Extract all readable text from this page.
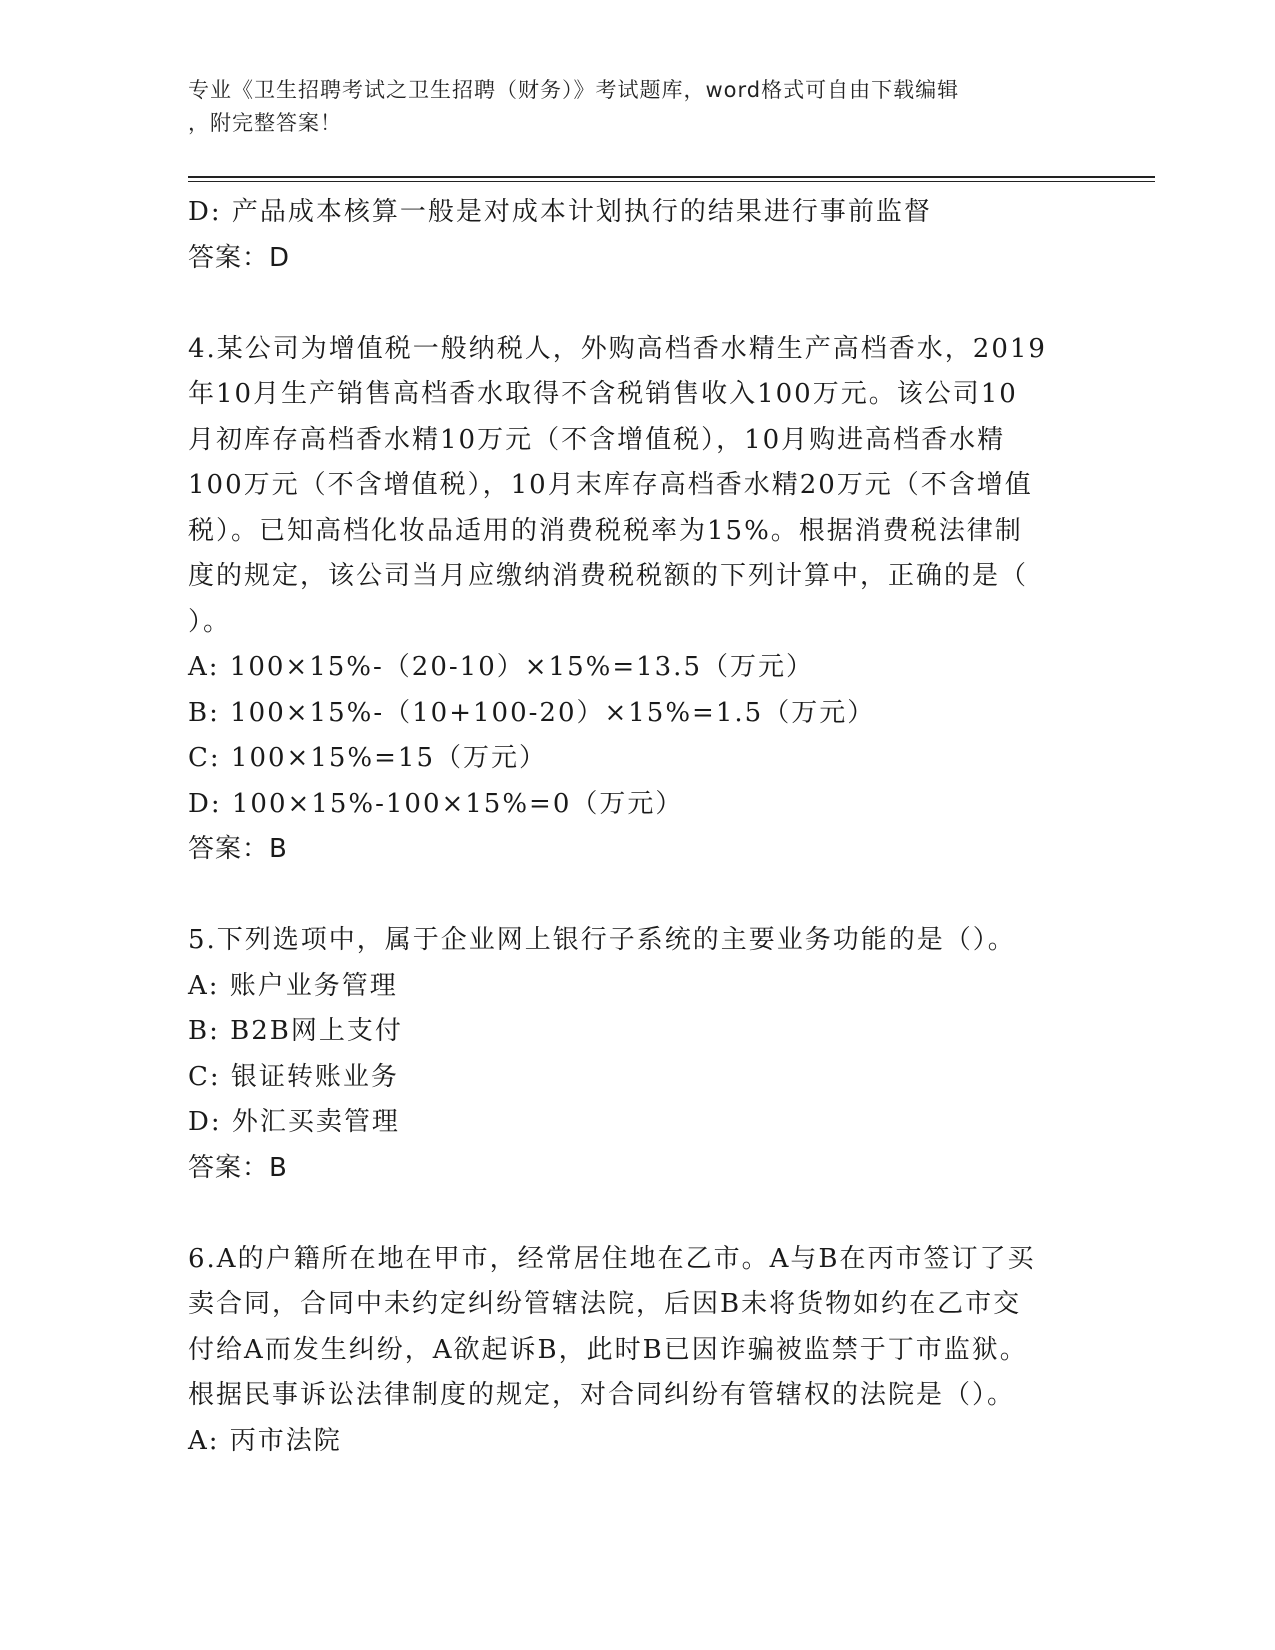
专业《卫生招聘考试之卫生招聘（财务）》考试题库，word格式可自由下载编辑
，附完整答案！
D: 产品成本核算一般是对成本计划执行的结果进行事前监督
答案：D
4.某公司为增值税一般纳税人，外购高档香水精生产高档香水，2019
年10月生产销售高档香水取得不含税销售收入100万元。该公司10
月初库存高档香水精10万元（不含增值税），10月购进高档香水精
100万元（不含增值税），10月末库存高档香水精20万元（不含增值
税）。已知高档化妆品适用的消费税税率为15%。根据消费税法律制
度的规定，该公司当月应缴纳消费税税额的下列计算中，正确的是（
）。
A: 100×15%-（20-10）×15%=13.5（万元）
B: 100×15%-（10+100-20）×15%=1.5（万元）
C: 100×15%=15（万元）
D: 100×15%-100×15%=0（万元）
答案：B
5.下列选项中，属于企业网上银行子系统的主要业务功能的是（）。
A: 账户业务管理
B: B2B网上支付
C: 银证转账业务
D: 外汇买卖管理
答案：B
6.A的户籍所在地在甲市，经常居住地在乙市。A与B在丙市签订了买
卖合同，合同中未约定纠纷管辖法院，后因B未将货物如约在乙市交
付给A而发生纠纷，A欲起诉B，此时B已因诈骗被监禁于丁市监狱。
根据民事诉讼法律制度的规定，对合同纠纷有管辖权的法院是（）。
A: 丙市法院
